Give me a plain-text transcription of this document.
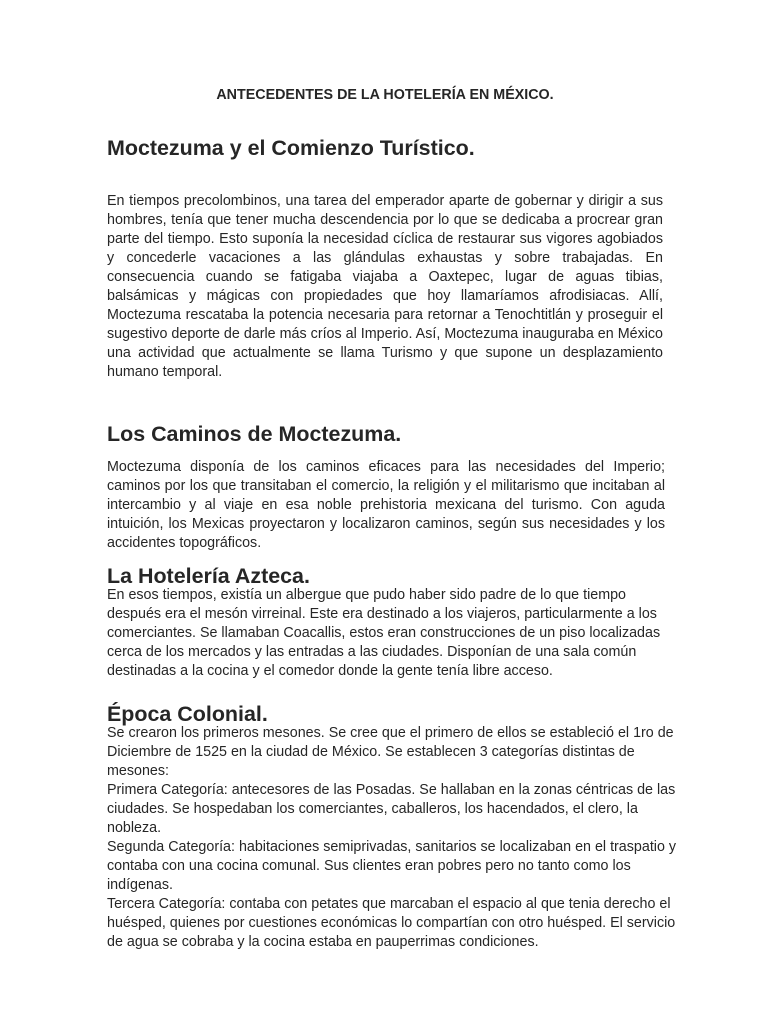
ANTECEDENTES DE LA HOTELERÍA EN MÉXICO.
Moctezuma y el Comienzo Turístico.

En tiempos precolombinos, una tarea del emperador aparte de gobernar y dirigir a sus hombres, tenía que tener mucha descendencia por lo que se dedicaba a procrear gran parte del tiempo. Esto suponía la necesidad cíclica de restaurar sus vigores agobiados y concederle vacaciones a las glándulas exhaustas y sobre trabajadas. En consecuencia cuando se fatigaba viajaba a Oaxtepec, lugar de aguas tibias, balsámicas y mágicas con propiedades que hoy llamaríamos afrodisiacas. Allí, Moctezuma rescataba la potencia necesaria para retornar a Tenochtitlán y proseguir el sugestivo deporte de darle más críos al Imperio. Así, Moctezuma inauguraba en México una actividad que actualmente se llama Turismo y que supone un desplazamiento humano temporal.

Los Caminos de Moctezuma.

Moctezuma disponía de los caminos eficaces para las necesidades del Imperio; caminos por los que transitaban el comercio, la religión y el militarismo que incitaban al intercambio y al viaje en esa noble prehistoria mexicana del turismo. Con aguda intuición, los Mexicas proyectaron y localizaron caminos, según sus necesidades y los accidentes topográficos.

La Hotelería Azteca.

En esos tiempos, existía un albergue que pudo haber sido padre de lo que tiempo
después era el mesón virreinal. Este era destinado a los viajeros, particularmente a los
comerciantes. Se llamaban Coacallis, estos eran construcciones de un piso localizadas
cerca de los mercados y las entradas a las ciudades. Disponían de una sala común
destinadas a la cocina y el comedor donde la gente tenía libre acceso.

Época Colonial.

Se crearon los primeros mesones. Se cree que el primero de ellos se estableció el 1ro de
Diciembre de 1525 en la ciudad de México. Se establecen 3 categorías distintas de
mesones:
Primera Categoría: antecesores de las Posadas. Se hallaban en la zonas céntricas de las
ciudades. Se hospedaban los comerciantes, caballeros, los hacendados, el clero, la
nobleza.
Segunda Categoría: habitaciones semiprivadas, sanitarios se localizaban en el traspatio y
contaba con una cocina comunal. Sus clientes eran pobres pero no tanto como los
indígenas.
Tercera Categoría: contaba con petates que marcaban el espacio al que tenia derecho el
huésped, quienes por cuestiones económicas lo compartían con otro huésped. El servicio
de agua se cobraba y la cocina estaba en pauperrimas condiciones.
